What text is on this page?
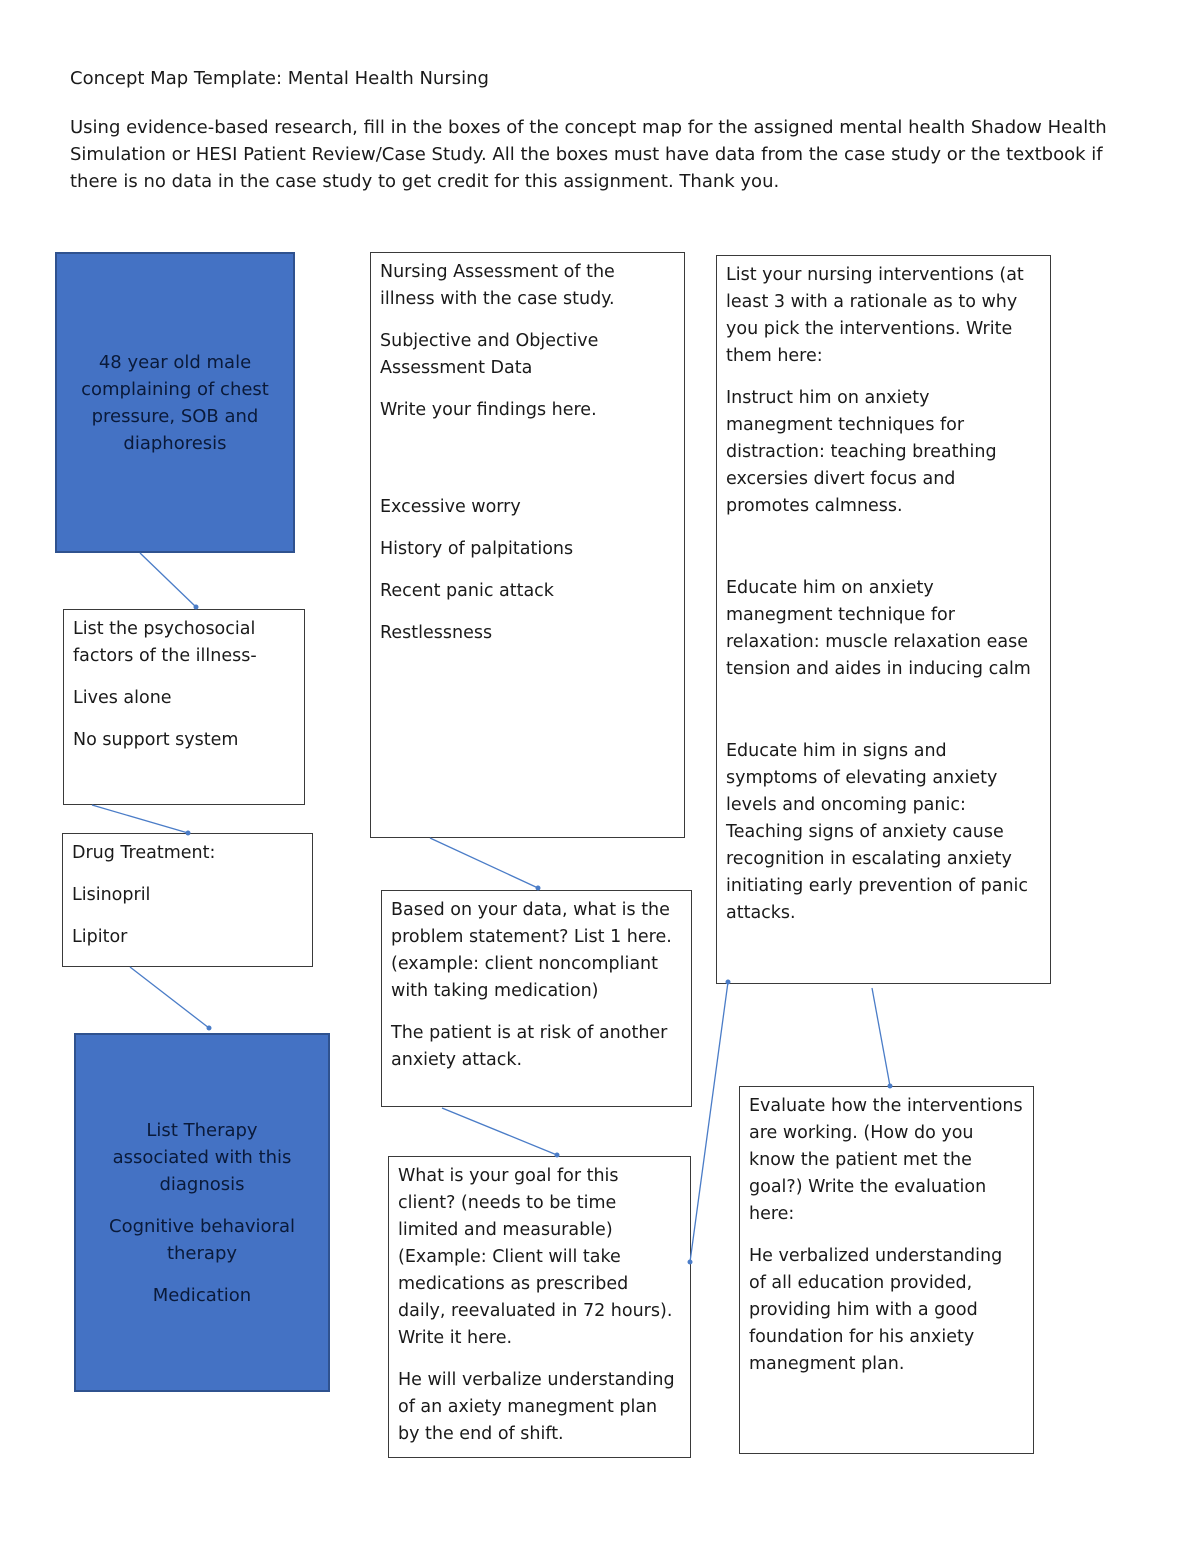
Concept Map Template: Mental Health Nursing
Using evidence-based research, fill in the boxes of the concept map for the assigned mental health Shadow Health Simulation or HESI Patient Review/Case Study. All the boxes must have data from the case study or the textbook if there is no data in the case study to get credit for this assignment. Thank you.

48 year old male complaining of chest pressure, SOB and diaphoresis

List the psychosocial factors of the illness-

Lives alone

No support system

Drug Treatment:

Lisinopril

Lipitor

List Therapy associated with this diagnosis

Cognitive behavioral therapy

Medication

Nursing Assessment of the illness with the case study.

Subjective and Objective Assessment Data

Write your findings here.

Excessive worry

History of palpitations

Recent panic attack

Restlessness

Based on your data, what is the problem statement? List 1 here. (example: client noncompliant with taking medication)

The patient is at risk of another anxiety attack.

What is your goal for this client? (needs to be time limited and measurable) (Example: Client will take medications as prescribed daily, reevaluated in 72 hours). Write it here.

He will verbalize understanding of an axiety manegment plan by the end of shift.

List your nursing interventions (at least 3 with a rationale as to why you pick the interventions. Write them here:

Instruct him on anxiety manegment techniques for distraction: teaching breathing excersies divert focus and promotes calmness.

Educate him on anxiety manegment technique for relaxation: muscle relaxation ease tension and aides in inducing calm

Educate him in signs and symptoms of elevating anxiety levels and oncoming panic: Teaching signs of anxiety cause recognition in escalating anxiety initiating early prevention of panic attacks.

Evaluate how the interventions are working. (How do you know the patient met the goal?) Write the evaluation here:

He verbalized understanding of all education provided, providing him with a good foundation for his anxiety manegment plan.
